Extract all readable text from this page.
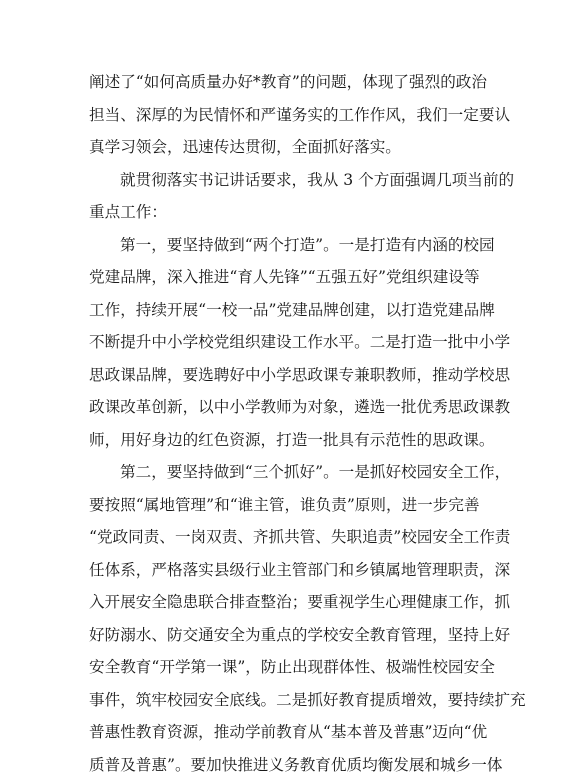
阐述了“如何高质量办好*教育”的问题，体现了强烈的政治
担当、深厚的为民情怀和严谨务实的工作作风，我们一定要认
真学习领会，迅速传达贯彻，全面抓好落实。
就贯彻落实书记讲话要求，我从 3 个方面强调几项当前的
重点工作：
第一，要坚持做到“两个打造”。一是打造有内涵的校园
党建品牌，深入推进“育人先锋”“五强五好”党组织建设等
工作，持续开展“一校一品”党建品牌创建，以打造党建品牌
不断提升中小学校党组织建设工作水平。二是打造一批中小学
思政课品牌，要选聘好中小学思政课专兼职教师，推动学校思
政课改革创新，以中小学教师为对象，遴选一批优秀思政课教
师，用好身边的红色资源，打造一批具有示范性的思政课。
第二，要坚持做到“三个抓好”。一是抓好校园安全工作，
要按照“属地管理”和“谁主管，谁负责”原则，进一步完善
“党政同责、一岗双责、齐抓共管、失职追责”校园安全工作责
任体系，严格落实县级行业主管部门和乡镇属地管理职责，深
入开展安全隐患联合排查整治；要重视学生心理健康工作，抓
好防溺水、防交通安全为重点的学校安全教育管理，坚持上好
安全教育“开学第一课”，防止出现群体性、极端性校园安全
事件，筑牢校园安全底线。二是抓好教育提质增效，要持续扩充
普惠性教育资源，推动学前教育从“基本普及普惠”迈向“优
质普及普惠”。要加快推进义务教育优质均衡发展和城乡一体
